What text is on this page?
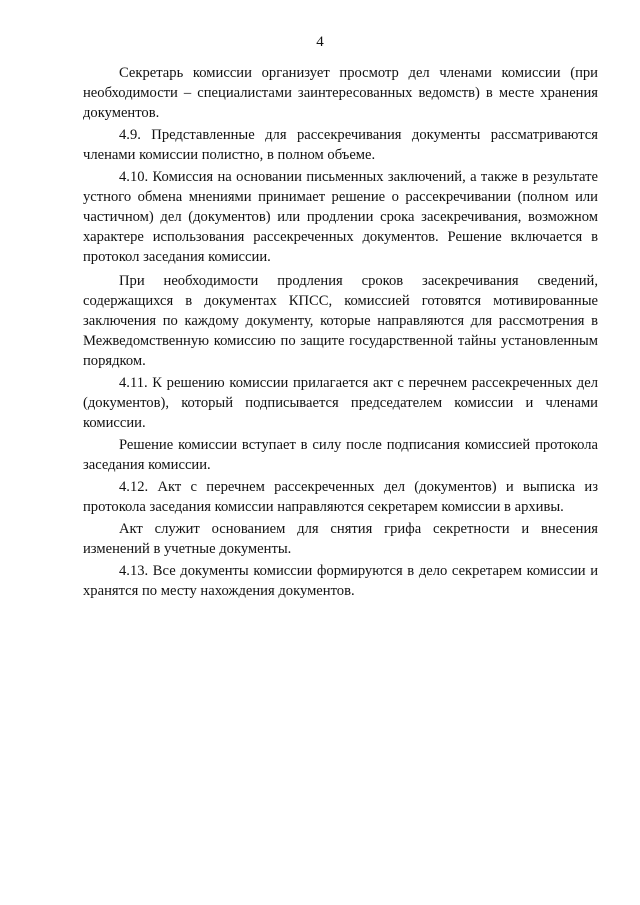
4

Секретарь комиссии организует просмотр дел членами комиссии (при необходимости – специалистами заинтересованных ведомств) в месте хранения документов.

4.9. Представленные для рассекречивания документы рассматриваются членами комиссии полистно, в полном объеме.

4.10. Комиссия на основании письменных заключений, а также в результате устного обмена мнениями принимает решение о рассекречивании (полном или частичном) дел (документов) или продлении срока засекречивания, возможном характере использования рассекреченных документов. Решение включается в протокол заседания комиссии.

При необходимости продления сроков засекречивания сведений, содержащихся в документах КПСС, комиссией готовятся мотивированные заключения по каждому документу, которые направляются для рассмотрения в Межведомственную комиссию по защите государственной тайны установленным порядком.

4.11. К решению комиссии прилагается акт с перечнем рассекреченных дел (документов), который подписывается председателем комиссии и членами комиссии.

Решение комиссии вступает в силу после подписания комиссией протокола заседания комиссии.

4.12. Акт с перечнем рассекреченных дел (документов) и выписка из протокола заседания комиссии направляются секретарем комиссии в архивы.

Акт служит основанием для снятия грифа секретности и внесения изменений в учетные документы.

4.13. Все документы комиссии формируются в дело секретарем комиссии и хранятся по месту нахождения документов.
